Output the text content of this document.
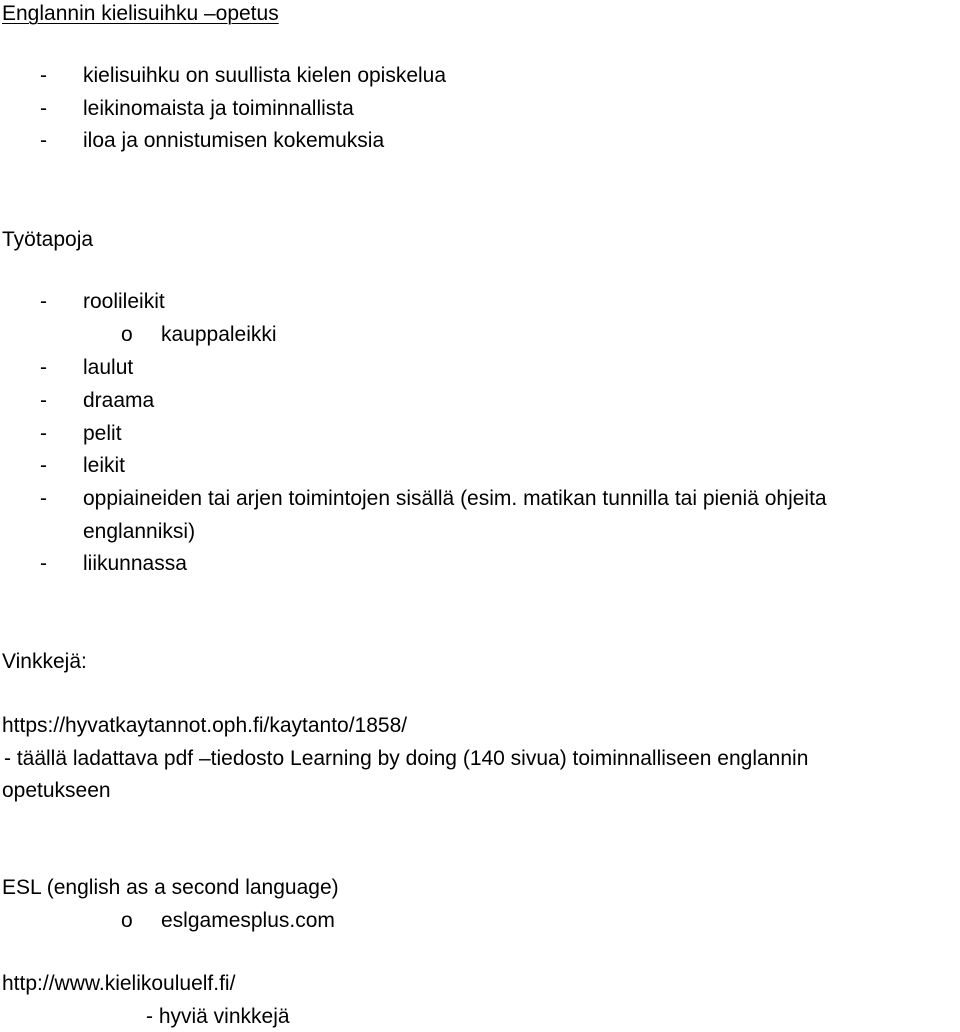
Englannin kielisuihku –opetus
- kielisuihku on suullista kielen opiskelua
- leikinomaista ja toiminnallista
- iloa ja onnistumisen kokemuksia
Työtapoja
- roolileikit
o kauppaleikki
- laulut
- draama
- pelit
- leikit
- oppiaineiden tai arjen toimintojen sisällä (esim. matikan tunnilla tai pieniä ohjeita
englanniksi)
- liikunnassa
Vinkkejä:
https://hyvatkaytannot.oph.fi/kaytanto/1858/
- täällä ladattava pdf –tiedosto Learning by doing (140 sivua) toiminnalliseen englannin
opetukseen
ESL (english as a second language)
o eslgamesplus.com
http://www.kielikouluelf.fi/
- hyviä vinkkejä
